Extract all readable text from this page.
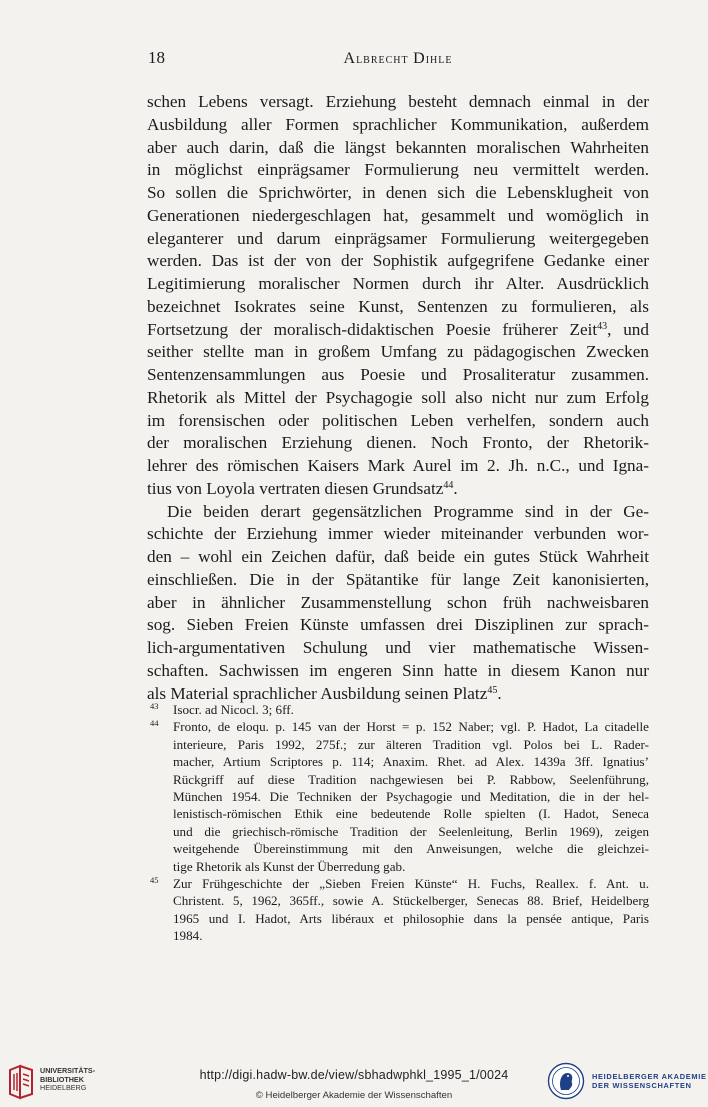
18	Albrecht Dihle
schen Lebens versagt. Erziehung besteht demnach einmal in der
Ausbildung aller Formen sprachlicher Kommunikation, außerdem
aber auch darin, daß die längst bekannten moralischen Wahrheiten
in möglichst einprägsamer Formulierung neu vermittelt werden.
So sollen die Sprichwörter, in denen sich die Lebensklugheit von
Generationen niedergeschlagen hat, gesammelt und womöglich in
eleganterer und darum einprägsamer Formulierung weitergegeben
werden. Das ist der von der Sophistik aufgegrifene Gedanke einer
Legitimierung moralischer Normen durch ihr Alter. Ausdrücklich
bezeichnet Isokrates seine Kunst, Sentenzen zu formulieren, als
Fortsetzung der moralisch-didaktischen Poesie früherer Zeit$^{43}$, und
seither stellte man in großem Umfang zu pädagogischen Zwecken
Sentenzensammlungen aus Poesie und Prosaliteratur zusammen.
Rhetorik als Mittel der Psychagogie soll also nicht nur zum Erfolg
im forensischen oder politischen Leben verhelfen, sondern auch
der moralischen Erziehung dienen. Noch Fronto, der Rhetorik-
lehrer des römischen Kaisers Mark Aurel im 2. Jh. n.C., und Igna-
tius von Loyola vertraten diesen Grundsatz$^{44}$.
Die beiden derart gegensätzlichen Programme sind in der Ge-
schichte der Erziehung immer wieder miteinander verbunden wor-
den – wohl ein Zeichen dafür, daß beide ein gutes Stück Wahrheit
einschließen. Die in der Spätantike für lange Zeit kanonisierten,
aber in ähnlicher Zusammenstellung schon früh nachweisbaren
sog. Sieben Freien Künste umfassen drei Disziplinen zur sprach-
lich-argumentativen Schulung und vier mathematische Wissen-
schaften. Sachwissen im engeren Sinn hatte in diesem Kanon nur
als Material sprachlicher Ausbildung seinen Platz$^{45}$.
43	Isocr. ad Nicocl. 3; 6ff.
44	Fronto, de eloqu. p. 145 van der Horst = p. 152 Naber; vgl. P. Hadot, La citadelle
interieure, Paris 1992, 275f.; zur älteren Tradition vgl. Polos bei L. Rader-
macher, Artium Scriptores p. 114; Anaxim. Rhet. ad Alex. 1439a 3ff. Ignatius’
Rückgriff auf diese Tradition nachgewiesen bei P. Rabbow, Seelenführung,
München 1954. Die Techniken der Psychagogie und Meditation, die in der hel-
lenistisch-römischen Ethik eine bedeutende Rolle spielten (I. Hadot, Seneca
und die griechisch-römische Tradition der Seelenleitung, Berlin 1969), zeigen
weitgehende Übereinstimmung mit den Anweisungen, welche die gleichzei-
tige Rhetorik als Kunst der Überredung gab.
45	Zur Frühgeschichte der „Sieben Freien Künste“ H. Fuchs, Reallex. f. Ant. u.
Christent. 5, 1962, 365ff., sowie A. Stückelberger, Senecas 88. Brief, Heidelberg
1965 und I. Hadot, Arts libéraux et philosophie dans la pensée antique, Paris
1984.
UNIVERSITÄTS-
BIBLIOTHEK
HEIDELBERG
http://digi.hadw-bw.de/view/sbhadwphkl_1995_1/0024
© Heidelberger Akademie der Wissenschaften
HEIDELBERGER AKADEMIE
DER WISSENSCHAFTEN
